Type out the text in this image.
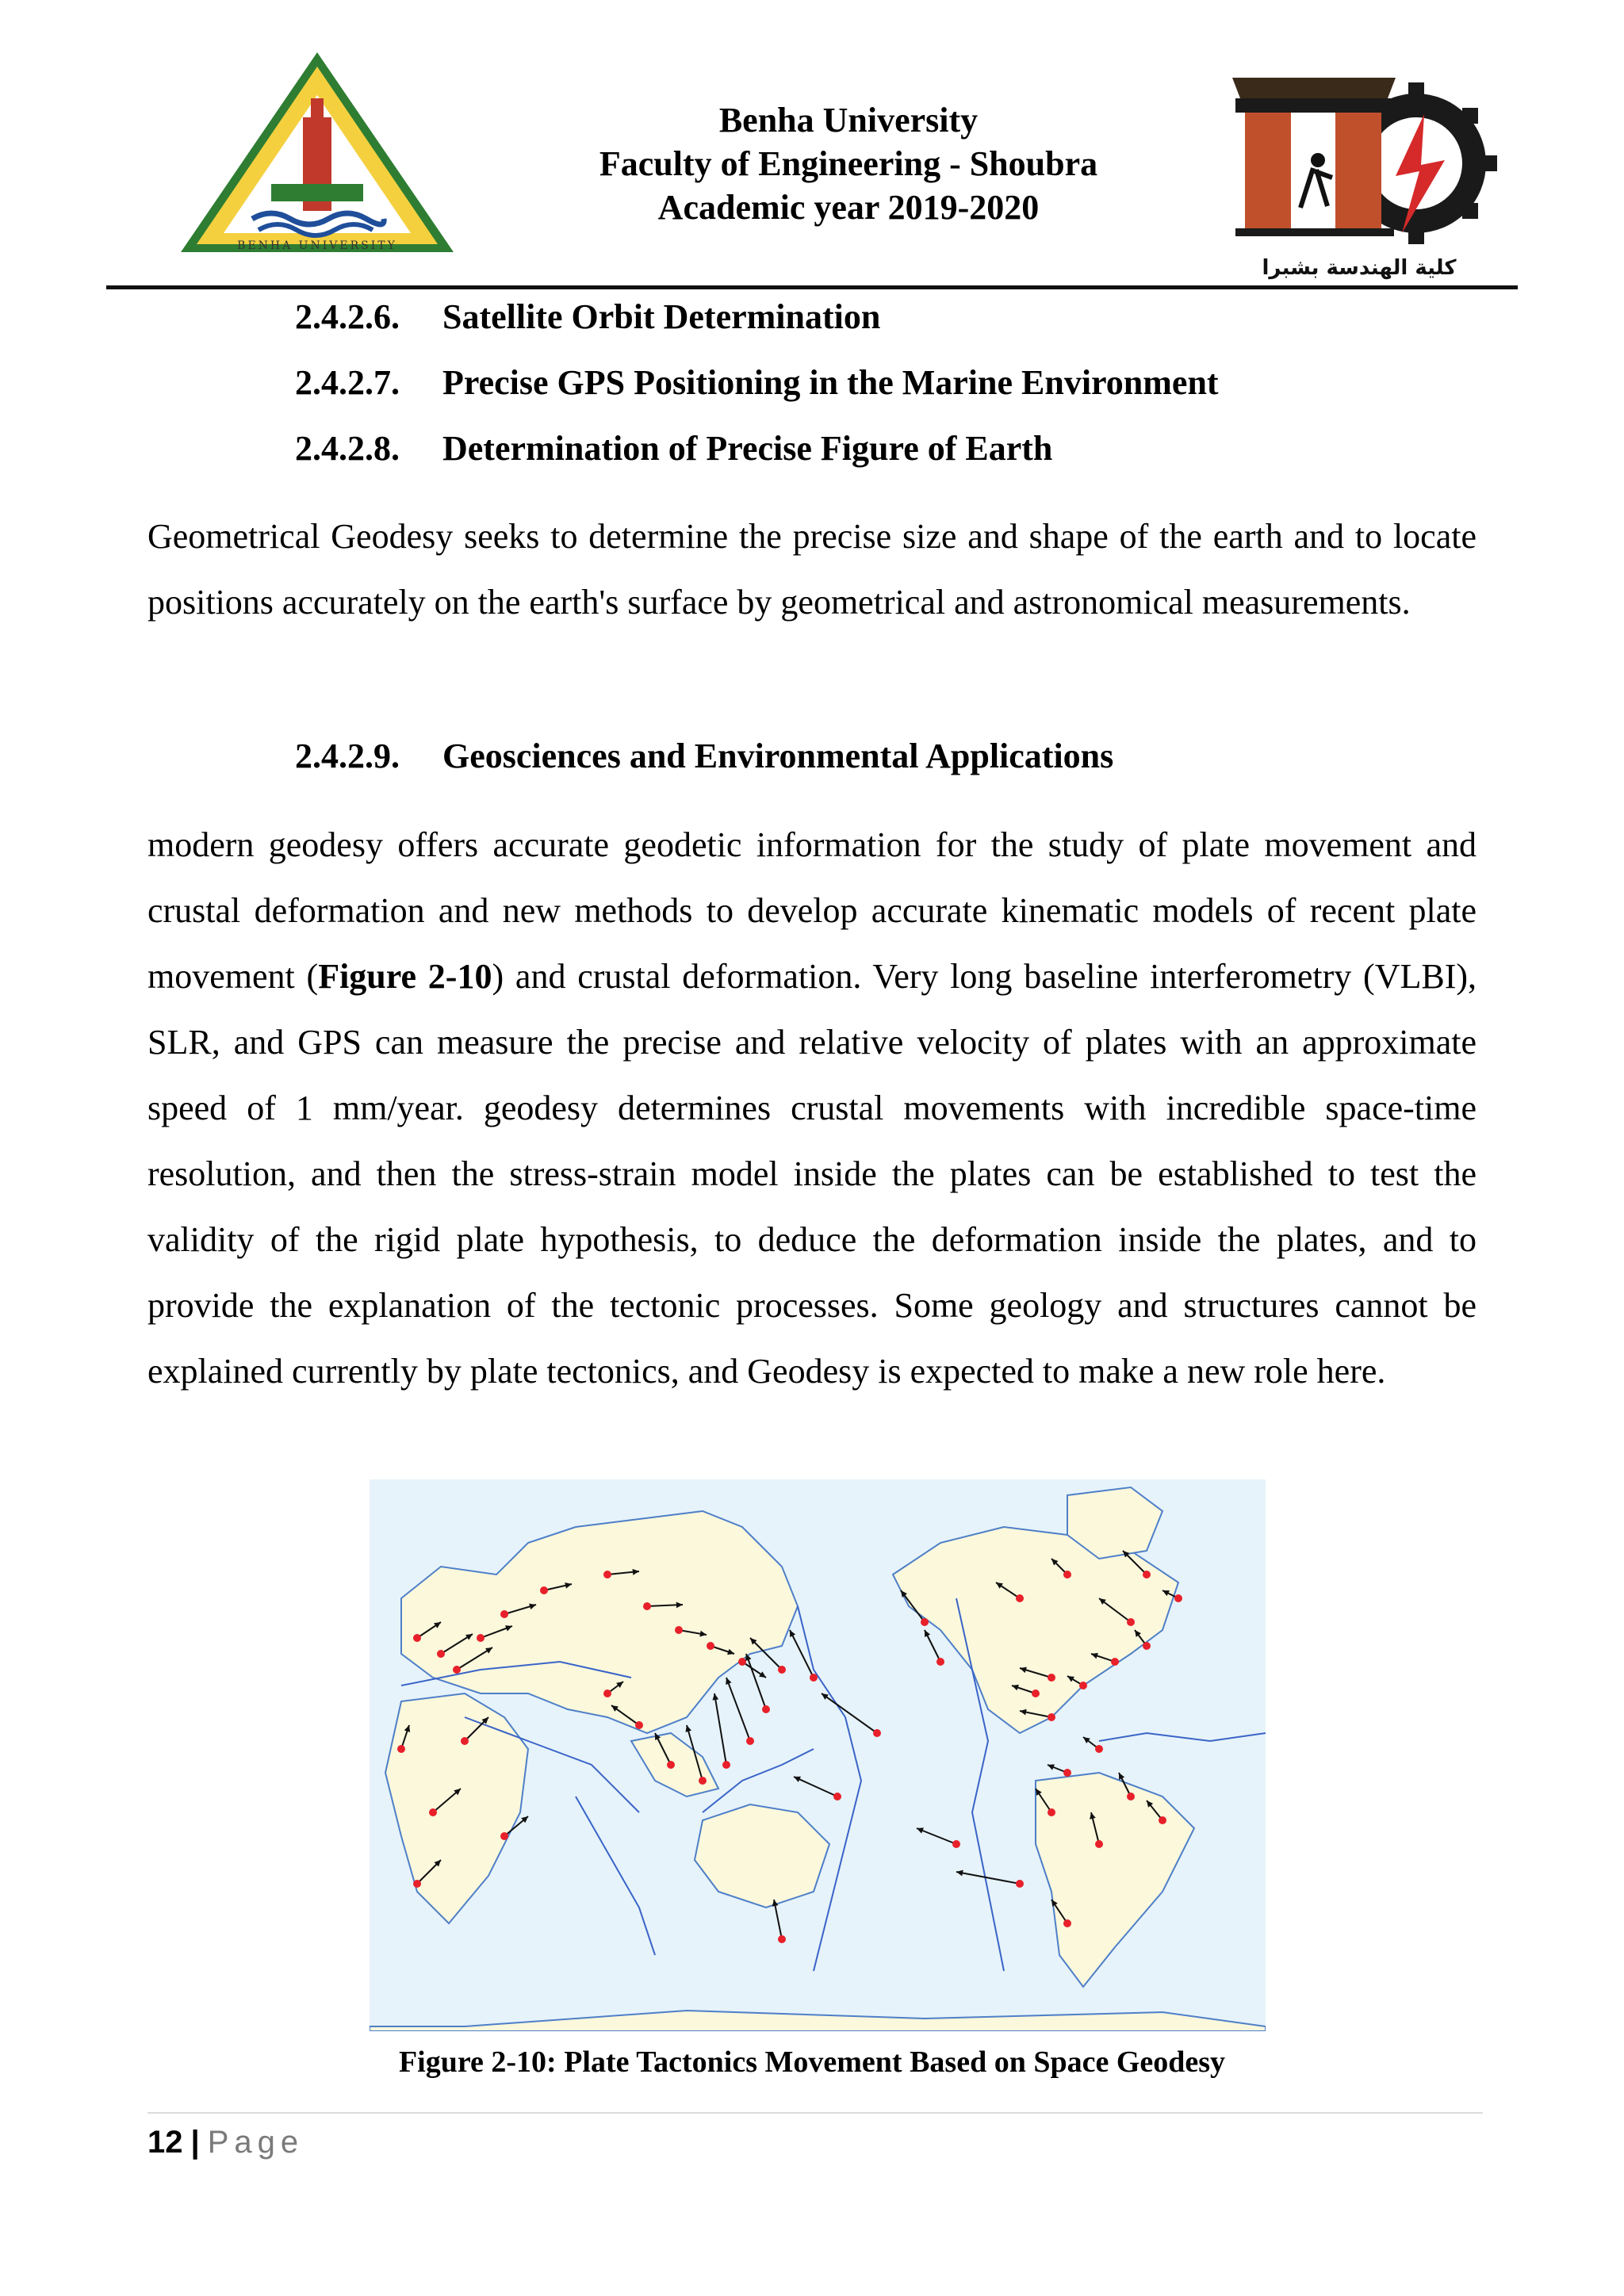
BENHA UNIVERSITY
Benha University
Faculty of Engineering - Shoubra
Academic year 2019-2020
كلية الهندسة بشبرا
2.4.2.6. Satellite Orbit Determination
2.4.2.7. Precise GPS Positioning in the Marine Environment
2.4.2.8. Determination of Precise Figure of Earth

Geometrical Geodesy seeks to determine the precise size and shape of the earth and to locate positions accurately on the earth's surface by geometrical and astronomical measurements.

2.4.2.9. Geosciences and Environmental Applications

modern geodesy offers accurate geodetic information for the study of plate movement and crustal deformation and new methods to develop accurate kinematic models of recent plate movement (Figure 2-10) and crustal deformation. Very long baseline interferometry (VLBI), SLR, and GPS can measure the precise and relative velocity of plates with an approximate speed of 1 mm/year. geodesy determines crustal movements with incredible space-time resolution, and then the stress-strain model inside the plates can be established to test the validity of the rigid plate hypothesis, to deduce the deformation inside the plates, and to provide the explanation of the tectonic processes. Some geology and structures cannot be explained currently by plate tectonics, and Geodesy is expected to make a new role here.

Figure 2-10: Plate Tactonics Movement Based on Space Geodesy
12 | Page
